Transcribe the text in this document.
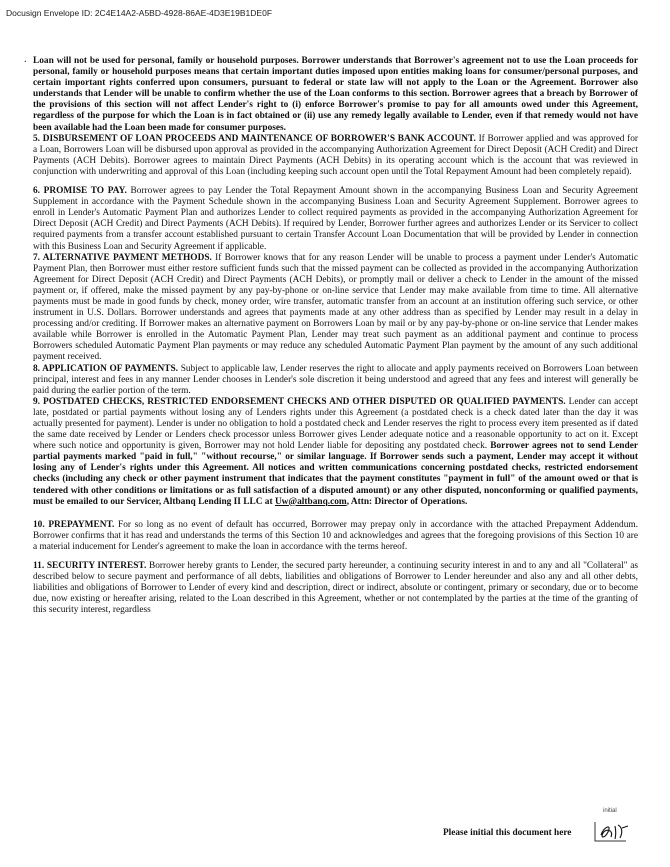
Docusign Envelope ID: 2C4E14A2-A5BD-4928-86AE-4D3E19B1DE0F

· Loan will not be used for personal, family or household purposes. Borrower understands that Borrower's agreement not to use the Loan proceeds for personal, family or household purposes means that certain important duties imposed upon entities making loans for consumer/personal purposes, and certain important rights conferred upon consumers, pursuant to federal or state law will not apply to the Loan or the Agreement. Borrower also understands that Lender will be unable to confirm whether the use of the Loan conforms to this section. Borrower agrees that a breach by Borrower of the provisions of this section will not affect Lender's right to (i) enforce Borrower's promise to pay for all amounts owed under this Agreement, regardless of the purpose for which the Loan is in fact obtained or (ii) use any remedy legally available to Lender, even if that remedy would not have been available had the Loan been made for consumer purposes.

5. DISBURSEMENT OF LOAN PROCEEDS AND MAINTENANCE OF BORROWER'S BANK ACCOUNT. If Borrower applied and was approved for a Loan, Borrowers Loan will be disbursed upon approval as provided in the accompanying Authorization Agreement for Direct Deposit (ACH Credit) and Direct Payments (ACH Debits). Borrower agrees to maintain Direct Payments (ACH Debits) in its operating account which is the account that was reviewed in conjunction with underwriting and approval of this Loan (including keeping such account open until the Total Repayment Amount had been completely repaid).

6. PROMISE TO PAY. Borrower agrees to pay Lender the Total Repayment Amount shown in the accompanying Business Loan and Security Agreement Supplement in accordance with the Payment Schedule shown in the accompanying Business Loan and Security Agreement Supplement. Borrower agrees to enroll in Lender's Automatic Payment Plan and authorizes Lender to collect required payments as provided in the accompanying Authorization Agreement for Direct Deposit (ACH Credit) and Direct Payments (ACH Debits). If required by Lender, Borrower further agrees and authorizes Lender or its Servicer to collect required payments from a transfer account established pursuant to certain Transfer Account Loan Documentation that will be provided by Lender in connection with this Business Loan and Security Agreement if applicable.

7. ALTERNATIVE PAYMENT METHODS. If Borrower knows that for any reason Lender will be unable to process a payment under Lender's Automatic Payment Plan, then Borrower must either restore sufficient funds such that the missed payment can be collected as provided in the accompanying Authorization Agreement for Direct Deposit (ACH Credit) and Direct Payments (ACH Debits), or promptly mail or deliver a check to Lender in the amount of the missed payment or, if offered, make the missed payment by any pay-by-phone or on-line service that Lender may make available from time to time. All alternative payments must be made in good funds by check, money order, wire transfer, automatic transfer from an account at an institution offering such service, or other instrument in U.S. Dollars. Borrower understands and agrees that payments made at any other address than as specified by Lender may result in a delay in processing and/or crediting. If Borrower makes an alternative payment on Borrowers Loan by mail or by any pay-by-phone or on-line service that Lender makes available while Borrower is enrolled in the Automatic Payment Plan, Lender may treat such payment as an additional payment and continue to process Borrowers scheduled Automatic Payment Plan payments or may reduce any scheduled Automatic Payment Plan payment by the amount of any such additional payment received.

8. APPLICATION OF PAYMENTS. Subject to applicable law, Lender reserves the right to allocate and apply payments received on Borrowers Loan between principal, interest and fees in any manner Lender chooses in Lender's sole discretion it being understood and agreed that any fees and interest will generally be paid during the earlier portion of the term.

9. POSTDATED CHECKS, RESTRICTED ENDORSEMENT CHECKS AND OTHER DISPUTED OR QUALIFIED PAYMENTS. Lender can accept late, postdated or partial payments without losing any of Lenders rights under this Agreement (a postdated check is a check dated later than the day it was actually presented for payment). Lender is under no obligation to hold a postdated check and Lender reserves the right to process every item presented as if dated the same date received by Lender or Lenders check processor unless Borrower gives Lender adequate notice and a reasonable opportunity to act on it. Except where such notice and opportunity is given, Borrower may not hold Lender liable for depositing any postdated check. Borrower agrees not to send Lender partial payments marked "paid in full," "without recourse," or similar language. If Borrower sends such a payment, Lender may accept it without losing any of Lender's rights under this Agreement. All notices and written communications concerning postdated checks, restricted endorsement checks (including any check or other payment instrument that indicates that the payment constitutes "payment in full" of the amount owed or that is tendered with other conditions or limitations or as full satisfaction of a disputed amount) or any other disputed, nonconforming or qualified payments, must be emailed to our Servicer, Altbanq Lending II LLC at Uw@altbanq.com, Attn: Director of Operations.

10. PREPAYMENT. For so long as no event of default has occurred, Borrower may prepay only in accordance with the attached Prepayment Addendum. Borrower confirms that it has read and understands the terms of this Section 10 and acknowledges and agrees that the foregoing provisions of this Section 10 are a material inducement for Lender's agreement to make the loan in accordance with the terms hereof.

11. SECURITY INTEREST. Borrower hereby grants to Lender, the secured party hereunder, a continuing security interest in and to any and all "Collateral" as described below to secure payment and performance of all debts, liabilities and obligations of Borrower to Lender hereunder and also any and all other debts, liabilities and obligations of Borrower to Lender of every kind and description, direct or indirect, absolute or contingent, primary or secondary, due or to become due, now existing or hereafter arising, related to the Loan described in this Agreement, whether or not contemplated by the parties at the time of the granting of this security interest, regardless

Please initial this document here
initial
